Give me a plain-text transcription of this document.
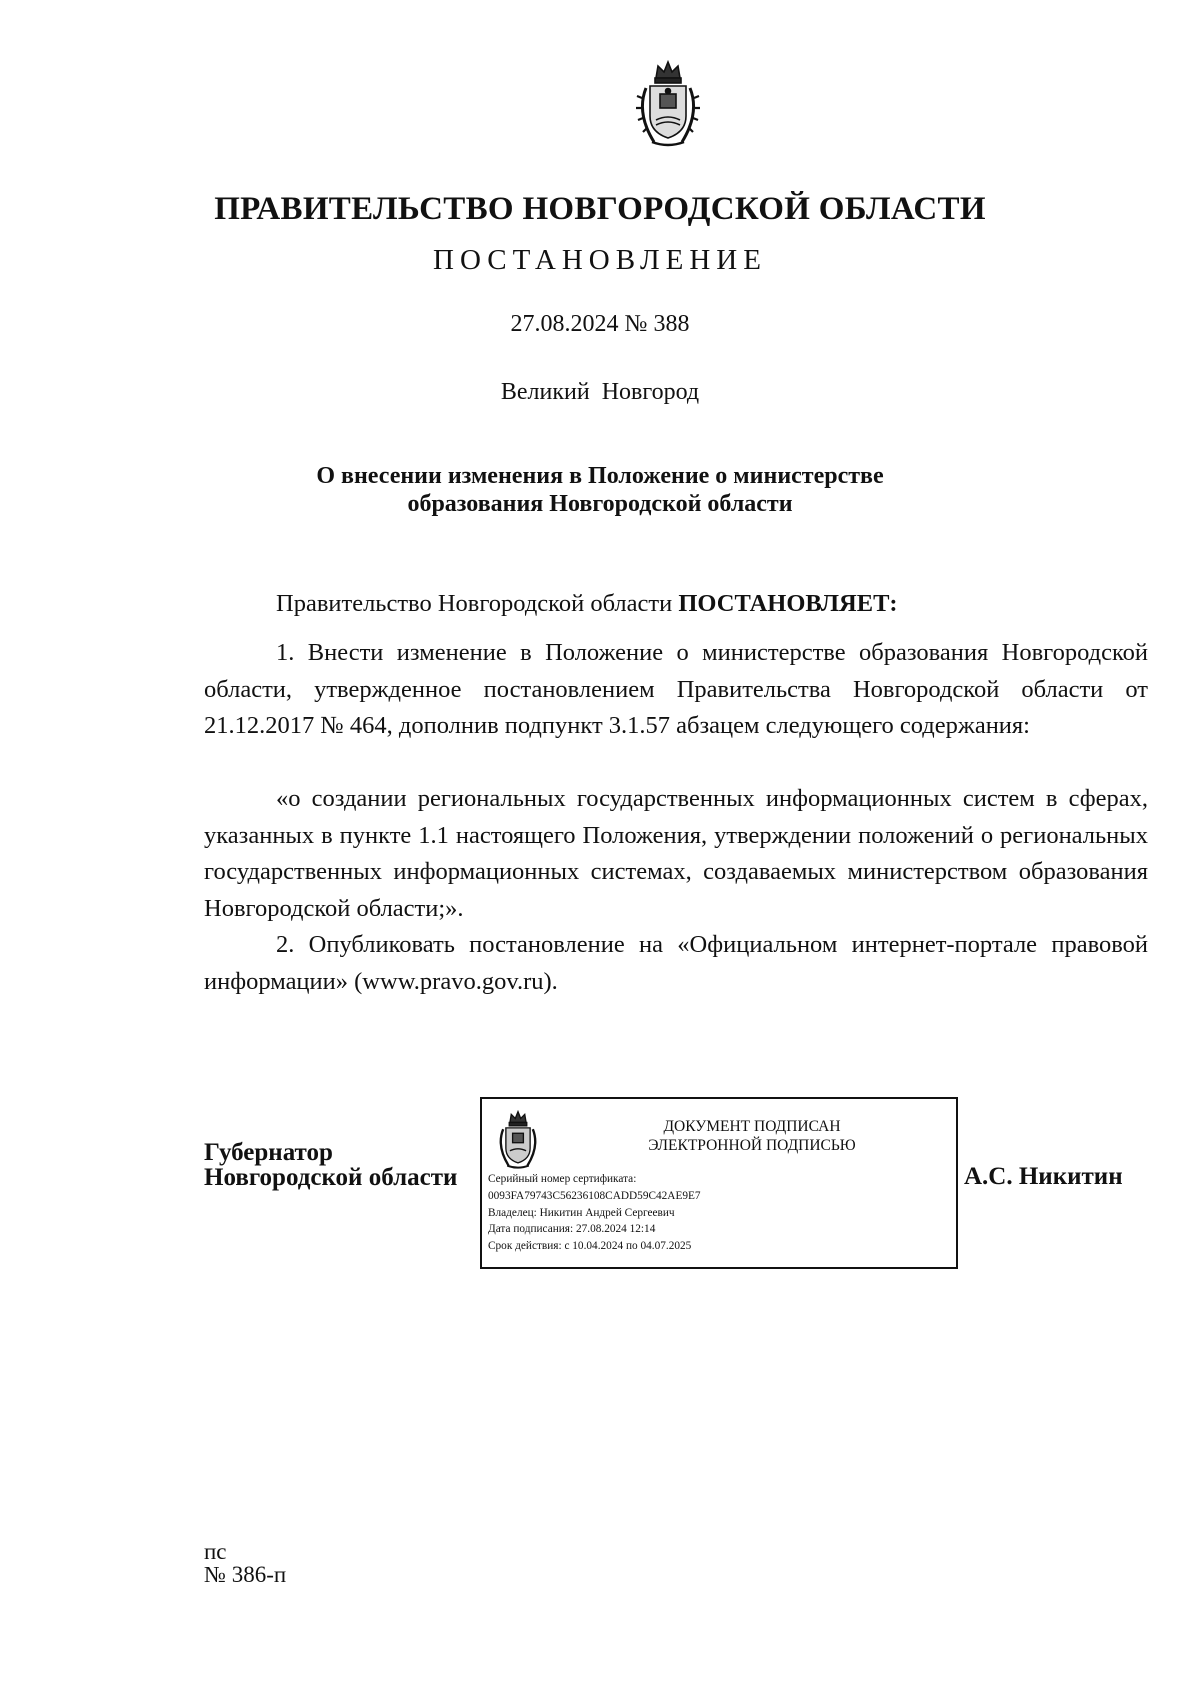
ПРАВИТЕЛЬСТВО НОВГОРОДСКОЙ ОБЛАСТИ
ПОСТАНОВЛЕНИЕ
27.08.2024 № 388
Великий Новгород
О внесении изменения в Положение о министерстве
образования Новгородской области
Правительство Новгородской области ПОСТАНОВЛЯЕТ:
1. Внести изменение в Положение о министерстве образования Новгородской области, утвержденное постановлением Правительства Новгородской области от 21.12.2017 № 464, дополнив подпункт 3.1.57 абзацем следующего содержания:
«о создании региональных государственных информационных систем в сферах, указанных в пункте 1.1 настоящего Положения, утверждении положений о региональных государственных информационных системах, создаваемых министерством образования Новгородской области;».
2. Опубликовать постановление на «Официальном интернет-портале правовой информации» (www.pravo.gov.ru).
Губернатор
Новгородской области
ДОКУМЕНТ ПОДПИСАН
ЭЛЕКТРОННОЙ ПОДПИСЬЮ
Серийный номер сертификата:
0093FA79743C56236108CADD59C42AE9E7
Владелец: Никитин Андрей Сергеевич
Дата подписания: 27.08.2024 12:14
Срок действия: с 10.04.2024 по 04.07.2025
А.С. Никитин
пс
№ 386-п
